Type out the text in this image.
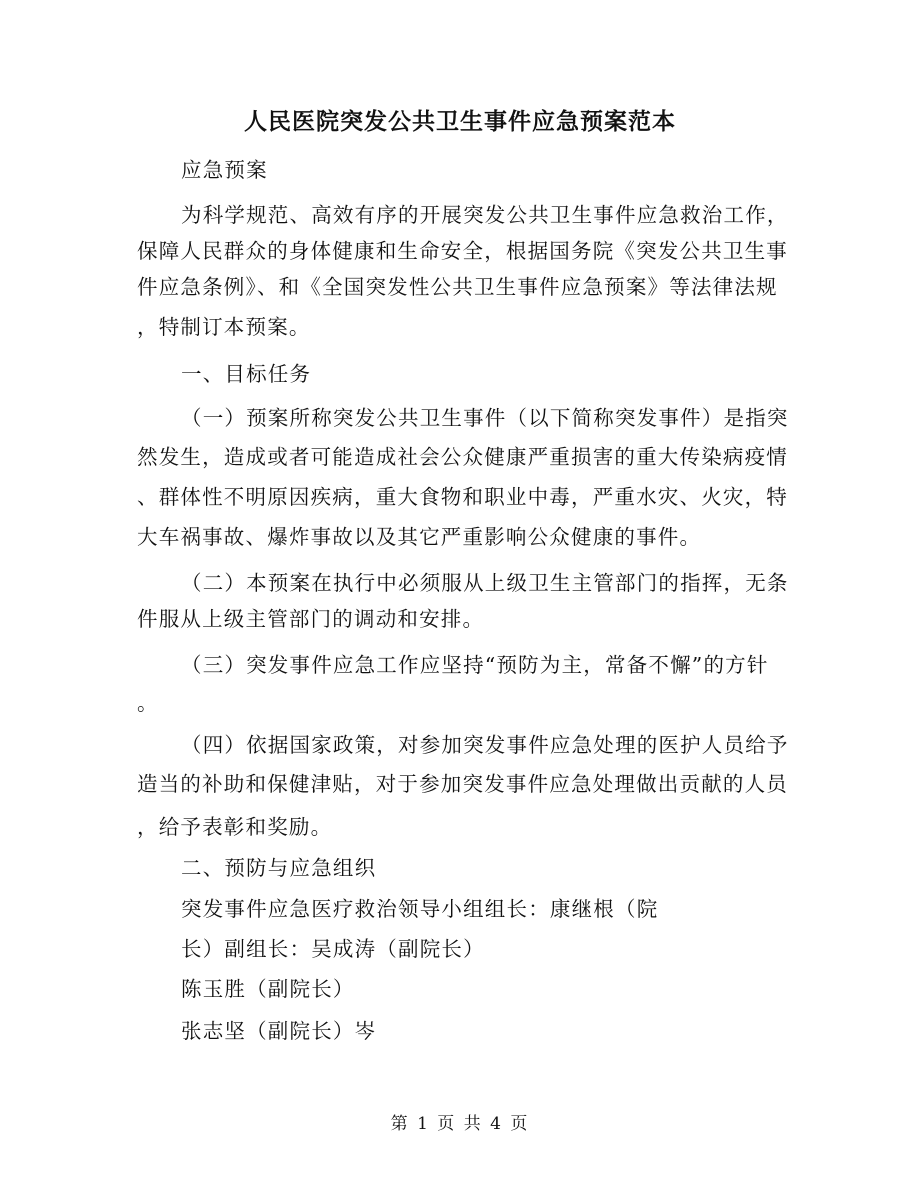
人民医院突发公共卫生事件应急预案范本
应急预案
为科学规范、高效有序的开展突发公共卫生事件应急救治工作，
保障人民群众的身体健康和生命安全，根据国务院《突发公共卫生事
件应急条例》、和《全国突发性公共卫生事件应急预案》等法律法规
，特制订本预案。
一、目标任务
（一）预案所称突发公共卫生事件（以下简称突发事件）是指突
然发生，造成或者可能造成社会公众健康严重损害的重大传染病疫情
、群体性不明原因疾病，重大食物和职业中毒，严重水灾、火灾，特
大车祸事故、爆炸事故以及其它严重影响公众健康的事件。
（二）本预案在执行中必须服从上级卫生主管部门的指挥，无条
件服从上级主管部门的调动和安排。
（三）突发事件应急工作应坚持“预防为主，常备不懈”的方针
。
（四）依据国家政策，对参加突发事件应急处理的医护人员给予
造当的补助和保健津贴，对于参加突发事件应急处理做出贡献的人员
，给予表彰和奖励。
二、预防与应急组织
突发事件应急医疗救治领导小组组长：康继根（院
长）副组长：吴成涛（副院长）
陈玉胜（副院长）
张志坚（副院长）岑
第 1 页 共 4 页
